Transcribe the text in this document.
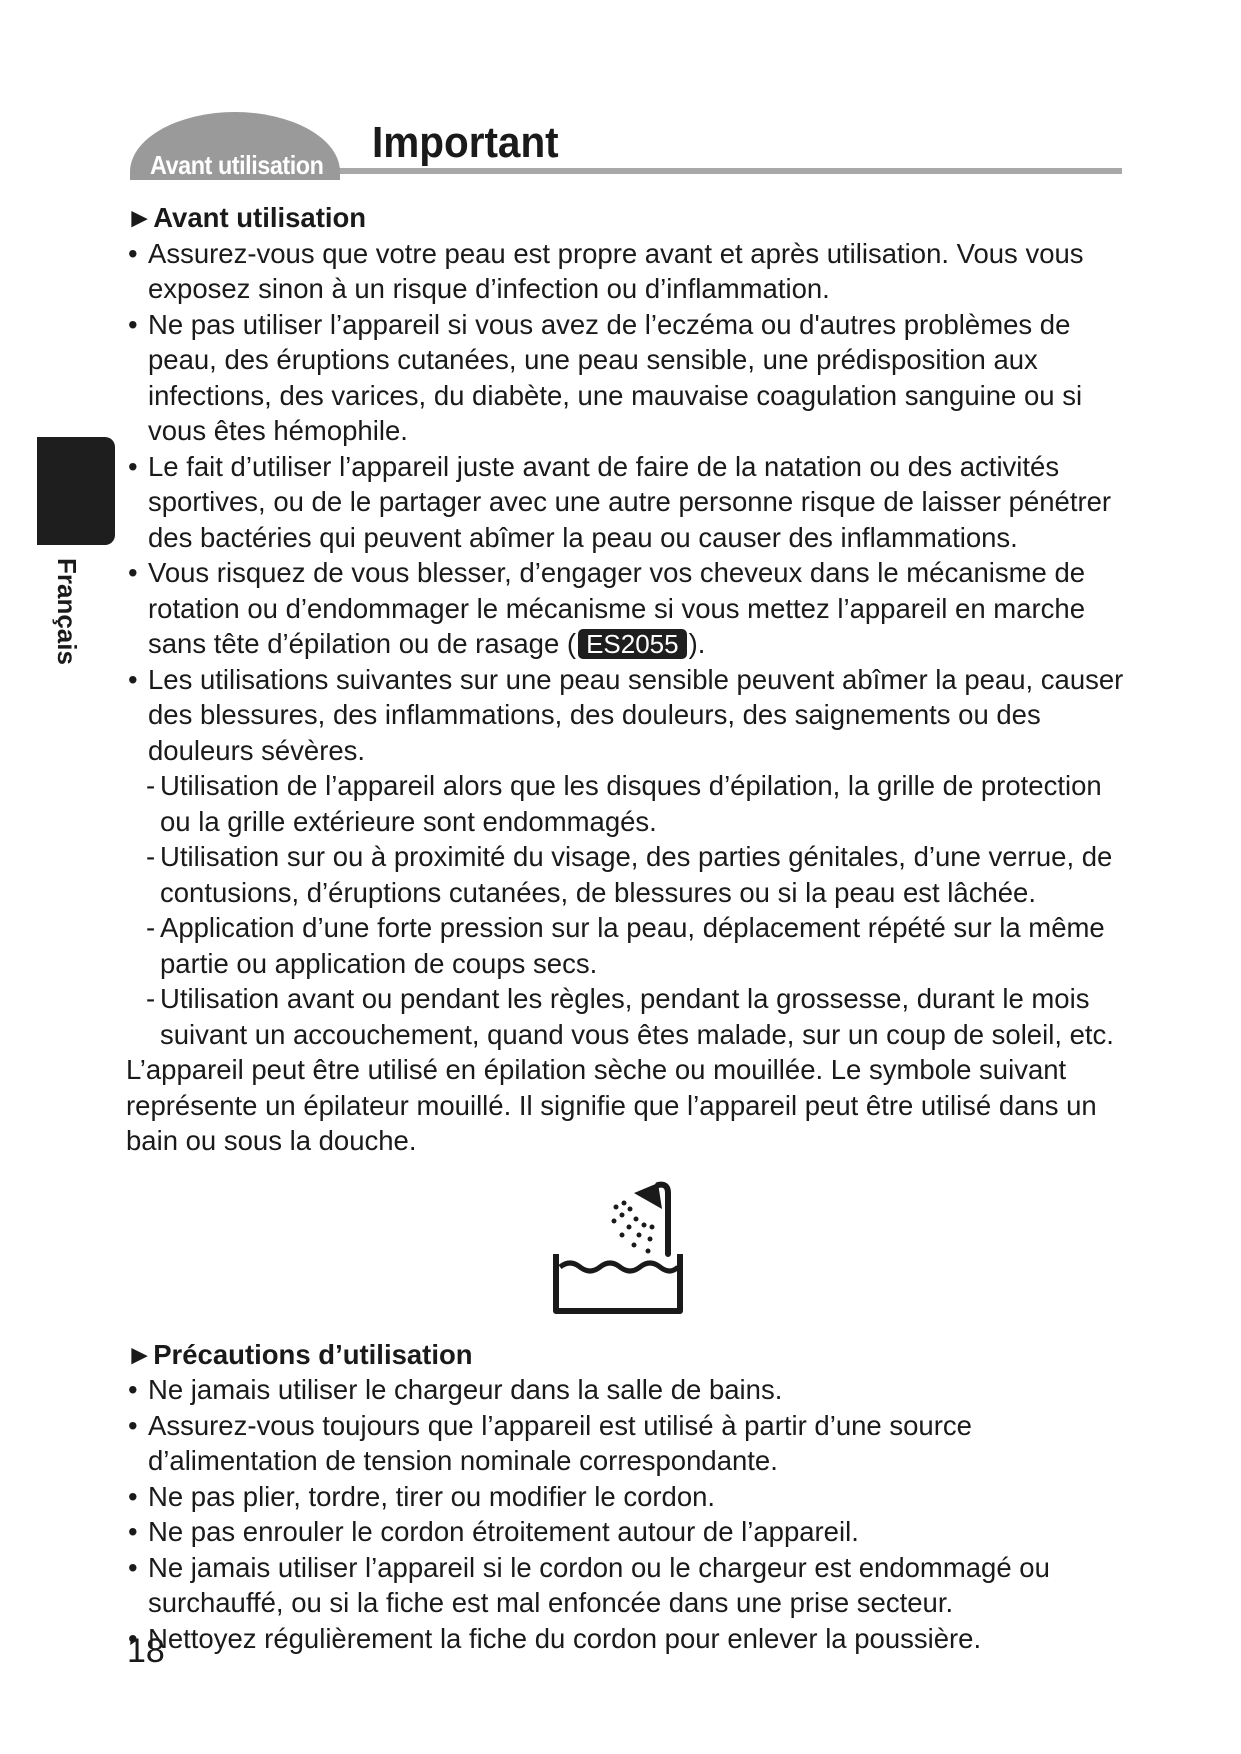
Avant utilisation Important
Français

►Avant utilisation

• Assurez-vous que votre peau est propre avant et après utilisation. Vous vous exposez sinon à un risque d’infection ou d’inflammation.

• Ne pas utiliser l’appareil si vous avez de l’eczéma ou d'autres problèmes de peau, des éruptions cutanées, une peau sensible, une prédisposition aux infections, des varices, du diabète, une mauvaise coagulation sanguine ou si vous êtes hémophile.

• Le fait d’utiliser l’appareil juste avant de faire de la natation ou des activités sportives, ou de le partager avec une autre personne risque de laisser pénétrer des bactéries qui peuvent abîmer la peau ou causer des inflammations.

• Vous risquez de vous blesser, d’engager vos cheveux dans le mécanisme de rotation ou d’endommager le mécanisme si vous mettez l’appareil en marche sans tête d’épilation ou de rasage ( ES2055 ).

• Les utilisations suivantes sur une peau sensible peuvent abîmer la peau, causer des blessures, des inflammations, des douleurs, des saignements ou des douleurs sévères.

- Utilisation de l’appareil alors que les disques d’épilation, la grille de protection ou la grille extérieure sont endommagés.

- Utilisation sur ou à proximité du visage, des parties génitales, d’une verrue, de contusions, d’éruptions cutanées, de blessures ou si la peau est lâchée.

- Application d’une forte pression sur la peau, déplacement répété sur la même partie ou application de coups secs.

- Utilisation avant ou pendant les règles, pendant la grossesse, durant le mois suivant un accouchement, quand vous êtes malade, sur un coup de soleil, etc.

L’appareil peut être utilisé en épilation sèche ou mouillée. Le symbole suivant représente un épilateur mouillé. Il signifie que l’appareil peut être utilisé dans un bain ou sous la douche.

►Précautions d’utilisation

• Ne jamais utiliser le chargeur dans la salle de bains.

• Assurez-vous toujours que l’appareil est utilisé à partir d’une source d’alimentation de tension nominale correspondante.

• Ne pas plier, tordre, tirer ou modifier le cordon.

• Ne pas enrouler le cordon étroitement autour de l’appareil.

• Ne jamais utiliser l’appareil si le cordon ou le chargeur est endommagé ou surchauffé, ou si la fiche est mal enfoncée dans une prise secteur.

• Nettoyez régulièrement la fiche du cordon pour enlever la poussière.

18
